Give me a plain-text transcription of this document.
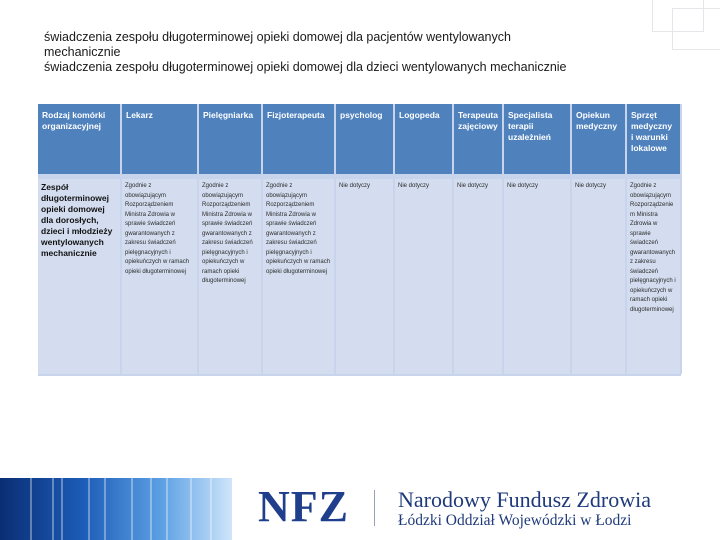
świadczenia zespołu długoterminowej opieki domowej dla pacjentów wentylowanych
mechanicznie
świadczenia zespołu długoterminowej opieki domowej dla dzieci wentylowanych mechanicznie
Rodzaj komórki organizacyjnej	Lekarz	Pielęgniarka	Fizjoterapeuta	psycholog	Logopeda	Terapeuta zajęciowy	Specjalista terapii uzależnień	Opiekun medyczny	Sprzęt medyczny i warunki lokalowe

Zespół długoterminowej opieki domowej dla dorosłych, dzieci i młodzieży wentylowanych mechanicznie	Zgodnie z obowiązującym Rozporządzeniem Ministra Zdrowia w sprawie świadczeń gwarantowanych z zakresu świadczeń pielęgnacyjnych i opiekuńczych w ramach opieki długoterminowej	Zgodnie z obowiązującym Rozporządzeniem Ministra Zdrowia w sprawie świadczeń gwarantowanych z zakresu świadczeń pielęgnacyjnych i opiekuńczych w ramach opieki długoterminowej	Zgodnie z obowiązującym Rozporządzeniem Ministra Zdrowia w sprawie świadczeń gwarantowanych z zakresu świadczeń pielęgnacyjnych i opiekuńczych w ramach opieki długoterminowej	Nie dotyczy	Nie dotyczy	Nie dotyczy	Nie dotyczy	Nie dotyczy	Zgodnie z obowiązującym Rozporządzeniem Ministra Zdrowia w sprawie świadczeń gwarantowanych z zakresu świadczeń pielęgnacyjnych i opiekuńczych w ramach opieki długoterminowej
NFZ Narodowy Fundusz Zdrowia
Łódzki Oddział Wojewódzki w Łodzi
